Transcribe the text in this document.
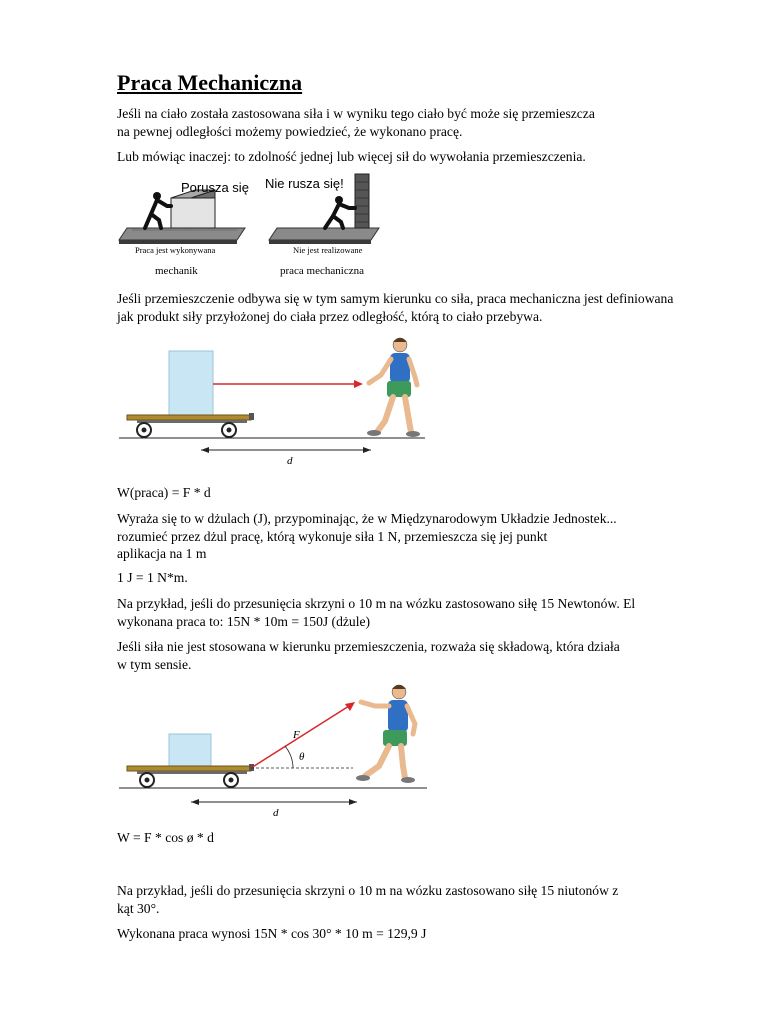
Praca Mechaniczna
Jeśli na ciało została zastosowana siła i w wyniku tego ciało być może się przemieszcza
na pewnej odległości możemy powiedzieć, że wykonano pracę.
Lub mówiąc inaczej: to zdolność jednej lub więcej sił do wywołania przemieszczenia.
Porusza się
Praca jest wykonywana
mechanik
Nie rusza się!
Nie jest realizowane
praca mechaniczna
Jeśli przemieszczenie odbywa się w tym samym kierunku co siła, praca mechaniczna jest definiowana
jak produkt siły przyłożonej do ciała przez odległość, którą to ciało przebywa.
d
W(praca) = F * d
Wyraża się to w dżulach (J), przypominając, że w Międzynarodowym Układzie Jednostek...
rozumieć przez dżul pracę, którą wykonuje siła 1 N, przemieszcza się jej punkt
aplikacja na 1 m
1 J = 1 N*m.
Na przykład, jeśli do przesunięcia skrzyni o 10 m na wózku zastosowano siłę 15 Newtonów. El
wykonana praca to: 15N * 10m = 150J (dżule)
Jeśli siła nie jest stosowana w kierunku przemieszczenia, rozważa się składową, która działa
w tym sensie.
F
θ
d
W = F * cos ø * d
Na przykład, jeśli do przesunięcia skrzyni o 10 m na wózku zastosowano siłę 15 niutonów z
kąt 30°.
Wykonana praca wynosi 15N * cos 30° * 10 m = 129,9 J
